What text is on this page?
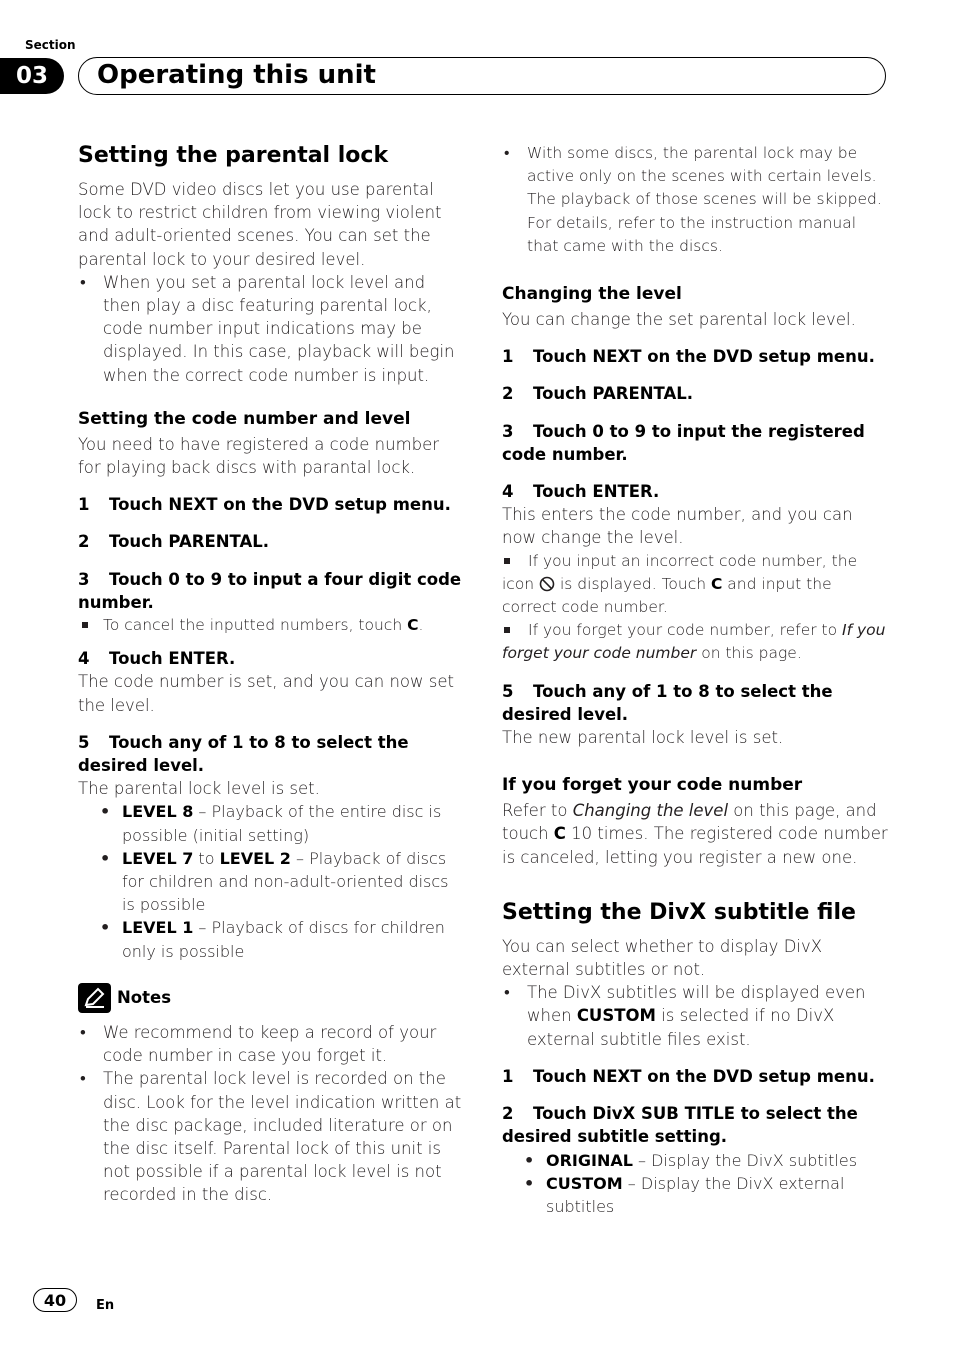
Section
03	Operating this unit
Setting the parental lock

Some DVD video discs let you use parental lock to restrict children from viewing violent and adult-oriented scenes. You can set the parental lock to your desired level.

• When you set a parental lock level and then play a disc featuring parental lock, code number input indications may be displayed. In this case, playback will begin when the correct code number is input.
Setting the code number and level

You need to have registered a code number for playing back discs with parantal lock.

1 Touch NEXT on the DVD setup menu.
2 Touch PARENTAL.
3 Touch 0 to 9 to input a four digit code number.
To cancel the inputted numbers, touch C.
4 Touch ENTER.

The code number is set, and you can now set the level.

5 Touch any of 1 to 8 to select the desired level.

The parental lock level is set.

• LEVEL 8 – Playback of the entire disc is possible (initial setting)
• LEVEL 7 to LEVEL 2 – Playback of discs for children and non-adult-oriented discs is possible
• LEVEL 1 – Playback of discs for children only is possible
Notes
• We recommend to keep a record of your code number in case you forget it.
• The parental lock level is recorded on the disc. Look for the level indication written at the disc package, included literature or on the disc itself. Parental lock of this unit is not possible if a parental lock level is not recorded in the disc.
• With some discs, the parental lock may be active only on the scenes with certain levels. The playback of those scenes will be skipped. For details, refer to the instruction manual that came with the discs.
Changing the level

You can change the set parental lock level.

1 Touch NEXT on the DVD setup menu.
2 Touch PARENTAL.
3 Touch 0 to 9 to input the registered code number.
4 Touch ENTER.

This enters the code number, and you can now change the level.

If you input an incorrect code number, the icon  is displayed. Touch C and input the correct code number.
If you forget your code number, refer to If you forget your code number on this page.
5 Touch any of 1 to 8 to select the desired level.

The new parental lock level is set.

If you forget your code number

Refer to Changing the level on this page, and touch C 10 times. The registered code number is canceled, letting you register a new one.

Setting the DivX subtitle file

You can select whether to display DivX external subtitles or not.

• The DivX subtitles will be displayed even when CUSTOM is selected if no DivX external subtitle files exist.
1 Touch NEXT on the DVD setup menu.
2 Touch DivX SUB TITLE to select the desired subtitle setting.
• ORIGINAL – Display the DivX subtitles
• CUSTOM – Display the DivX external subtitles
40	En
